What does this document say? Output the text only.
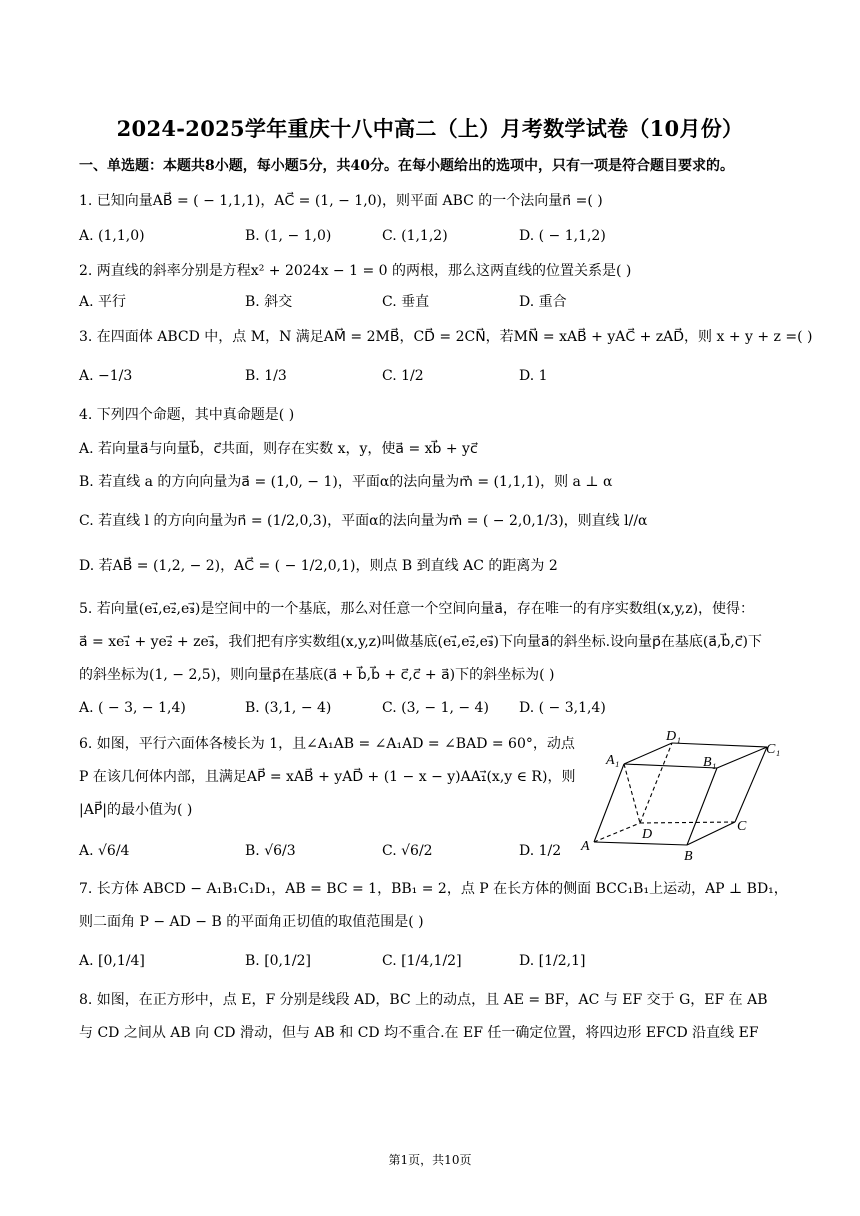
2024-2025学年重庆十八中高二（上）月考数学试卷（10月份）
一、单选题：本题共8小题，每小题5分，共40分。在每小题给出的选项中，只有一项是符合题目要求的。
1. 已知向量AB⃗ = ( − 1,1,1)，AC⃗ = (1, − 1,0)，则平面 ABC 的一个法向量n⃗ =( )
A. (1,1,0)	B. (1, − 1,0)	C. (1,1,2)	D. ( − 1,1,2)
2. 两直线的斜率分别是方程x² + 2024x − 1 = 0 的两根，那么这两直线的位置关系是( )
A. 平行	B. 斜交	C. 垂直	D. 重合
3. 在四面体 ABCD 中，点 M，N 满足AM⃗ = 2MB⃗，CD⃗ = 2CN⃗，若MN⃗ = xAB⃗ + yAC⃗ + zAD⃗，则 x + y + z =( )
A. −1/3	B. 1/3	C. 1/2	D. 1
4. 下列四个命题，其中真命题是( )
A. 若向量a⃗与向量b⃗，c⃗共面，则存在实数 x，y，使a⃗ = xb⃗ + yc⃗
B. 若直线 a 的方向向量为a⃗ = (1,0, − 1)，平面α的法向量为m⃗ = (1,1,1)，则 a ⊥ α
C. 若直线 l 的方向向量为n⃗ = (1/2,0,3)，平面α的法向量为m⃗ = ( − 2,0,1/3)，则直线 l//α
D. 若AB⃗ = (1,2, − 2)，AC⃗ = ( − 1/2,0,1)，则点 B 到直线 AC 的距离为 2
5. 若向量(e₁⃗,e₂⃗,e₃⃗)是空间中的一个基底，那么对任意一个空间向量a⃗，存在唯一的有序实数组(x,y,z)，使得：
a⃗ = xe₁⃗ + ye₂⃗ + ze₃⃗，我们把有序实数组(x,y,z)叫做基底(e₁⃗,e₂⃗,e₃⃗)下向量a⃗的斜坐标.设向量p⃗在基底(a⃗,b⃗,c⃗)下
的斜坐标为(1, − 2,5)，则向量p⃗在基底(a⃗ + b⃗,b⃗ + c⃗,c⃗ + a⃗)下的斜坐标为( )
A. ( − 3, − 1,4)	B. (3,1, − 4)	C. (3, − 1, − 4) D. ( − 3,1,4)
6. 如图，平行六面体各棱长为 1，且∠A₁AB = ∠A₁AD = ∠BAD = 60°，动点
P 在该几何体内部，且满足AP⃗ = xAB⃗ + yAD⃗ + (1 − x − y)AA₁⃗(x,y ∈ R)，则
|AP⃗|的最小值为( )
A. √6/4	B. √6/3	C. √6/2	D. 1/2 A
B
C
D
A₁	B₁
C₁
D₁
7. 长方体 ABCD − A₁B₁C₁D₁，AB = BC = 1，BB₁ = 2，点 P 在长方体的侧面 BCC₁B₁上运动，AP ⊥ BD₁，
则二面角 P − AD − B 的平面角正切值的取值范围是( )
A. [0,1/4]	B. [0,1/2]	C. [1/4,1/2]	D. [1/2,1]
8. 如图，在正方形中，点 E，F 分别是线段 AD，BC 上的动点，且 AE = BF，AC 与 EF 交于 G，EF 在 AB
与 CD 之间从 AB 向 CD 滑动，但与 AB 和 CD 均不重合.在 EF 任一确定位置，将四边形 EFCD 沿直线 EF
第1页，共10页
